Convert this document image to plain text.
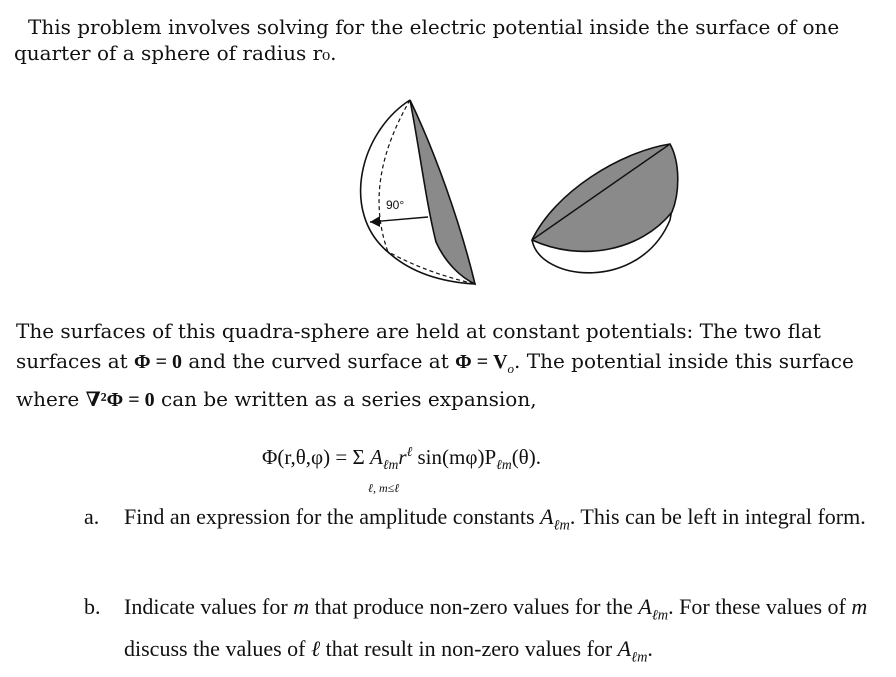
This problem involves solving for the electric potential inside the surface of one
quarter of a sphere of radius r₀.

90°

The surfaces of this quadra-sphere are held at constant potentials: The two flat surfaces at Φ = 0 and the curved surface at $\Phi = V_o$. The potential inside this surface where ∇²Φ = 0 can be written as a series expansion,

Φ(r,θ,φ) = Σ $A_{\ell m}r^\ell$ $\sin(m\varphi)P_{\ell m}(\theta)$.
ℓ, m≤ℓ
a. Find an expression for the amplitude constants $A_{\ell m}$. This can be left in integral form.
b. Indicate values for m that produce non-zero values for the $A_{\ell m}$. For these values of m discuss the values of ℓ that result in non-zero values for $A_{\ell m}$.
